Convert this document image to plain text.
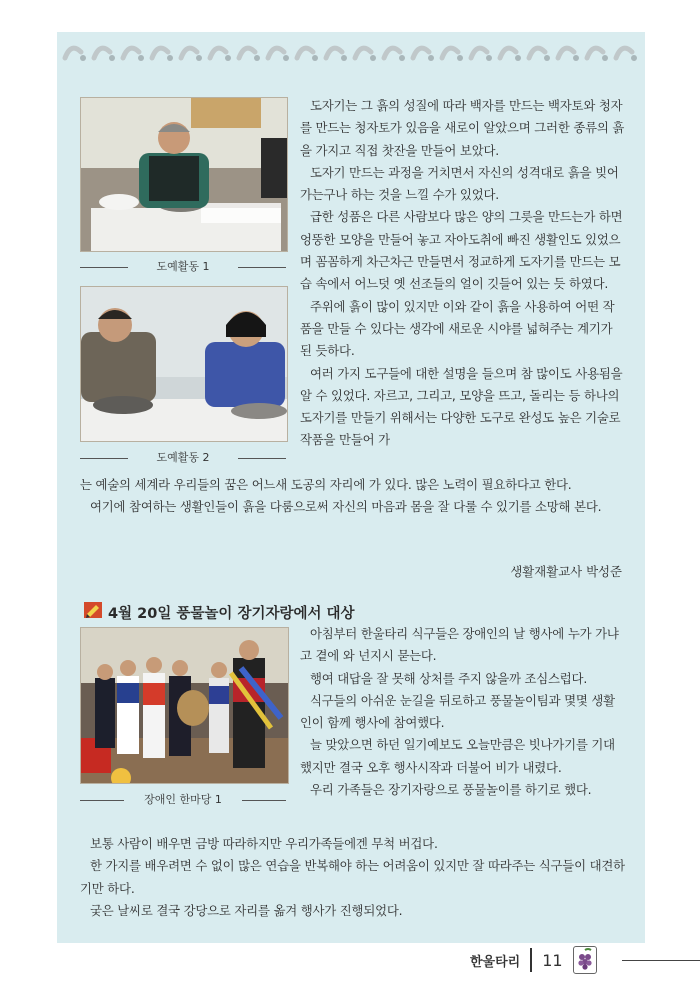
도예활동 1
도예활동 2

도자기는 그 흙의 성질에 따라 백자를 만드는 백자토와 청자를 만드는 청자토가 있음을 새로이 알았으며 그러한 종류의 흙을 가지고 직접 찻잔을 만들어 보았다.

도자기 만드는 과정을 거치면서 자신의 성격대로 흙을 빚어가는구나 하는 것을 느낄 수가 있었다.

급한 성품은 다른 사람보다 많은 양의 그릇을 만드는가 하면 엉뚱한 모양을 만들어 놓고 자아도취에 빠진 생활인도 있었으며 꼼꼼하게 차근차근 만들면서 정교하게 도자기를 만드는 모습 속에서 어느덧 옛 선조들의 얼이 깃들어 있는 듯 하였다.

주위에 흙이 많이 있지만 이와 같이 흙을 사용하여 어떤 작품을 만들 수 있다는 생각에 새로운 시야를 넓혀주는 계기가 된 듯하다.

여러 가지 도구들에 대한 설명을 들으며 참 많이도 사용됨을 알 수 있었다. 자르고, 그리고, 모양을 뜨고, 돌리는 등 하나의 도자기를 만들기 위해서는 다양한 도구로 완성도 높은 기술로 작품을 만들어 가

는 예술의 세계라 우리들의 꿈은 어느새 도공의 자리에 가 있다. 많은 노력이 필요하다고 한다.

여기에 참여하는 생활인들이 흙을 다룸으로써 자신의 마음과 몸을 잘 다룰 수 있기를 소망해 본다.

생활재활교사 박성준
4월 20일 풍물놀이 장기자랑에서 대상
장애인 한마당 1

아침부터 한울타리 식구들은 장애인의 날 행사에 누가 가냐고 곁에 와 넌지시 묻는다.

행여 대답을 잘 못해 상처를 주지 않을까 조심스럽다.

식구들의 아쉬운 눈길을 뒤로하고 풍물놀이팀과 몇몇 생활인이 함께 행사에 참여했다.

늘 맞았으면 하던 일기예보도 오늘만큼은 빗나가기를 기대했지만 결국 오후 행사시작과 더불어 비가 내렸다.

우리 가족들은 장기자랑으로 풍물놀이를 하기로 했다.

보통 사람이 배우면 금방 따라하지만 우리가족들에겐 무척 버겁다.

한 가지를 배우려면 수 없이 많은 연습을 반복해야 하는 어려움이 있지만 잘 따라주는 식구들이 대견하기만 하다.

궂은 날씨로 결국 강당으로 자리를 옮겨 행사가 진행되었다.

한울타리 11
